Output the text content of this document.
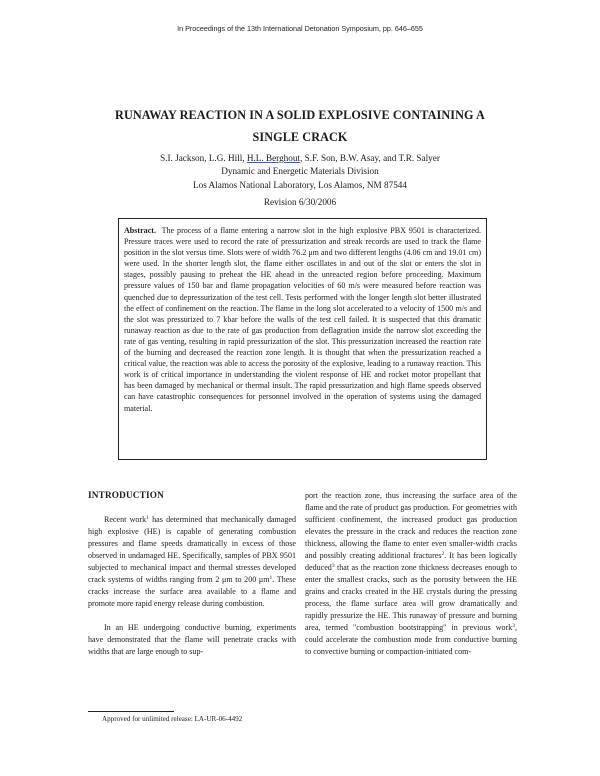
In Proceedings of the 13th International Detonation Symposium, pp. 646–655
RUNAWAY REACTION IN A SOLID EXPLOSIVE CONTAINING A
SINGLE CRACK
S.I. Jackson, L.G. Hill, H.L. Berghout, S.F. Son, B.W. Asay, and T.R. Salyer
Dynamic and Energetic Materials Division
Los Alamos National Laboratory, Los Alamos, NM 87544
Revision 6/30/2006

Abstract. The process of a flame entering a narrow slot in the high explosive PBX 9501 is characterized. Pressure traces were used to record the rate of pressurization and streak records are used to track the flame position in the slot versus time. Slots were of width 76.2 μm and two different lengths (4.06 cm and 19.01 cm) were used. In the shorter length slot, the flame either oscillates in and out of the slot or enters the slot in stages, possibly pausing to preheat the HE ahead in the unreacted region before proceeding. Maximum pressure values of 150 bar and flame propagation velocities of 60 m/s were measured before reaction was quenched due to depressurization of the test cell. Tests performed with the longer length slot better illustrated the effect of confinement on the reaction. The flame in the long slot accelerated to a velocity of 1500 m/s and the slot was pressurized to 7 kbar before the walls of the test cell failed. It is suspected that this dramatic runaway reaction as due to the rate of gas production from deflagration inside the narrow slot exceeding the rate of gas venting, resulting in rapid pressurization of the slot. This pressurization increased the reaction rate of the burning and decreased the reaction zone length. It is thought that when the pressurization reached a critical value, the reaction was able to access the porosity of the explosive, leading to a runaway reaction. This work is of critical importance in understanding the violent response of HE and rocket motor propellant that has been damaged by mechanical or thermal insult. The rapid pressurization and high flame speeds observed can have catastrophic consequences for personnel involved in the operation of systems using the damaged material.

INTRODUCTION

Recent work$^1$ has determined that mechanically damaged high explosive (HE) is capable of generating combustion pressures and flame speeds dramatically in excess of those observed in undamaged HE. Specifically, samples of PBX 9501 subjected to mechanical impact and thermal stresses developed crack systems of widths ranging from 2 μm to 200 $\mu m^1$. These cracks increase the surface area available to a flame and promote more rapid energy release during combustion.

In an HE undergoing conductive burning, experiments have demonstrated that the flame will penetrate cracks with widths that are large enough to sup-

port the reaction zone, thus increasing the surface area of the flame and the rate of product gas production. For geometries with sufficient confinement, the increased product gas production elevates the pressure in the crack and reduces the reaction zone thickness, allowing the flame to enter even smaller-width cracks and possibly creating additional fractures$^2$. It has been logically deduced$^3$ that as the reaction zone thickness decreases enough to enter the smallest cracks, such as the porosity between the HE grains and cracks created in the HE crystals during the pressing process, the flame surface area will grow dramatically and rapidly pressurize the HE. This runaway of pressure and burning area, termed "combustion bootstrapping" in previous work$^3$, could accelerate the combustion mode from conductive burning to convective burning or compaction-initiated com-

Approved for unlimited release: LA-UR-06-4492
